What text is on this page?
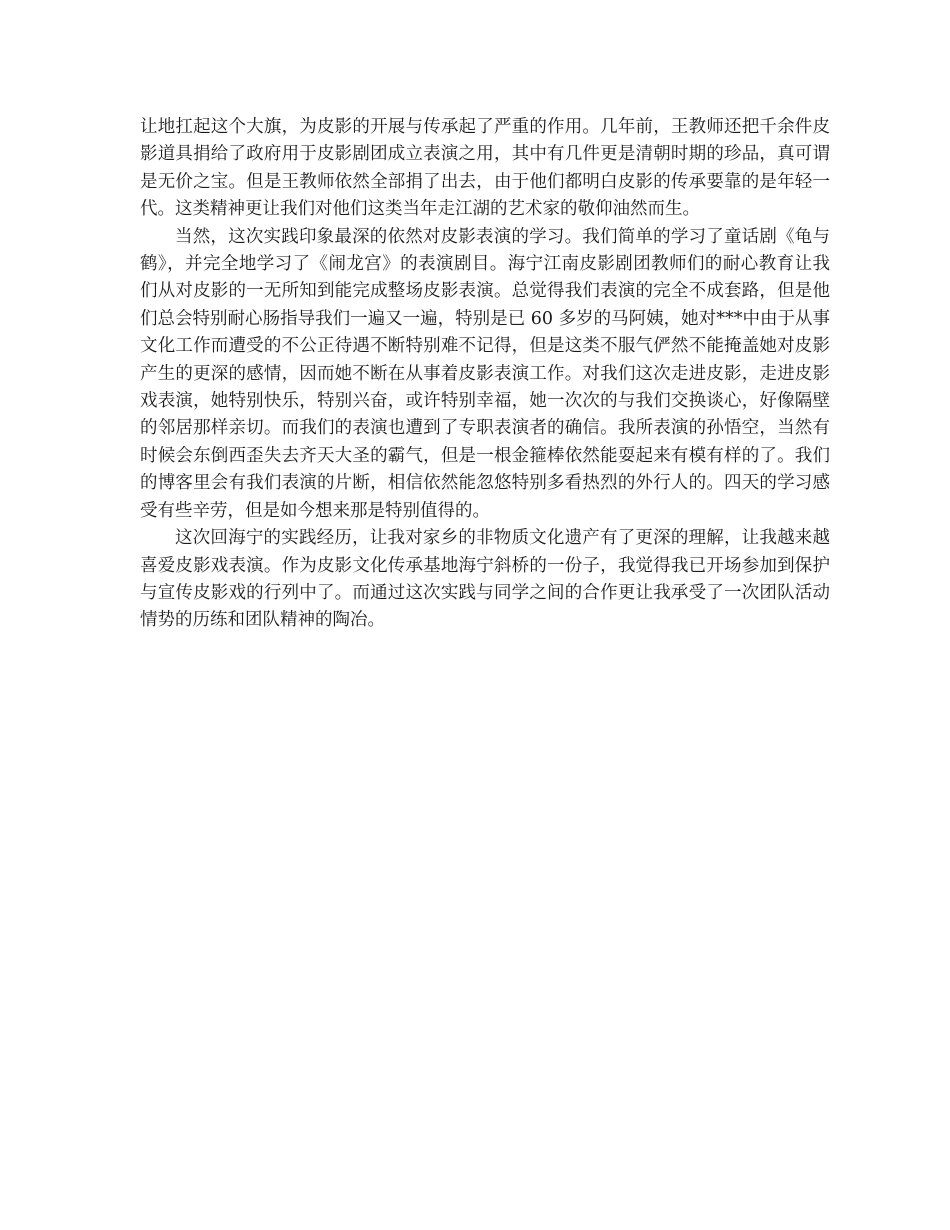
让地扛起这个大旗，为皮影的开展与传承起了严重的作用。几年前，王教师还把千余件皮影道具捐给了政府用于皮影剧团成立表演之用，其中有几件更是清朝时期的珍品，真可谓是无价之宝。但是王教师依然全部捐了出去，由于他们都明白皮影的传承要靠的是年轻一代。这类精神更让我们对他们这类当年走江湖的艺术家的敬仰油然而生。

当然，这次实践印象最深的依然对皮影表演的学习。我们简单的学习了童话剧《龟与鹤》，并完全地学习了《闹龙宫》的表演剧目。海宁江南皮影剧团教师们的耐心教育让我们从对皮影的一无所知到能完成整场皮影表演。总觉得我们表演的完全不成套路，但是他们总会特别耐心肠指导我们一遍又一遍，特别是已 60 多岁的马阿姨，她对***中由于从事文化工作而遭受的不公正待遇不断特别难不记得，但是这类不服气俨然不能掩盖她对皮影产生的更深的感情，因而她不断在从事着皮影表演工作。对我们这次走进皮影，走进皮影戏表演，她特别快乐，特别兴奋，或许特别幸福，她一次次的与我们交换谈心，好像隔壁的邻居那样亲切。而我们的表演也遭到了专职表演者的确信。我所表演的孙悟空，当然有时候会东倒西歪失去齐天大圣的霸气，但是一根金箍棒依然能耍起来有模有样的了。我们的博客里会有我们表演的片断，相信依然能忽悠特别多看热烈的外行人的。四天的学习感受有些辛劳，但是如今想来那是特别值得的。

这次回海宁的实践经历，让我对家乡的非物质文化遗产有了更深的理解，让我越来越喜爱皮影戏表演。作为皮影文化传承基地海宁斜桥的一份子，我觉得我已开场参加到保护与宣传皮影戏的行列中了。而通过这次实践与同学之间的合作更让我承受了一次团队活动情势的历练和团队精神的陶冶。
